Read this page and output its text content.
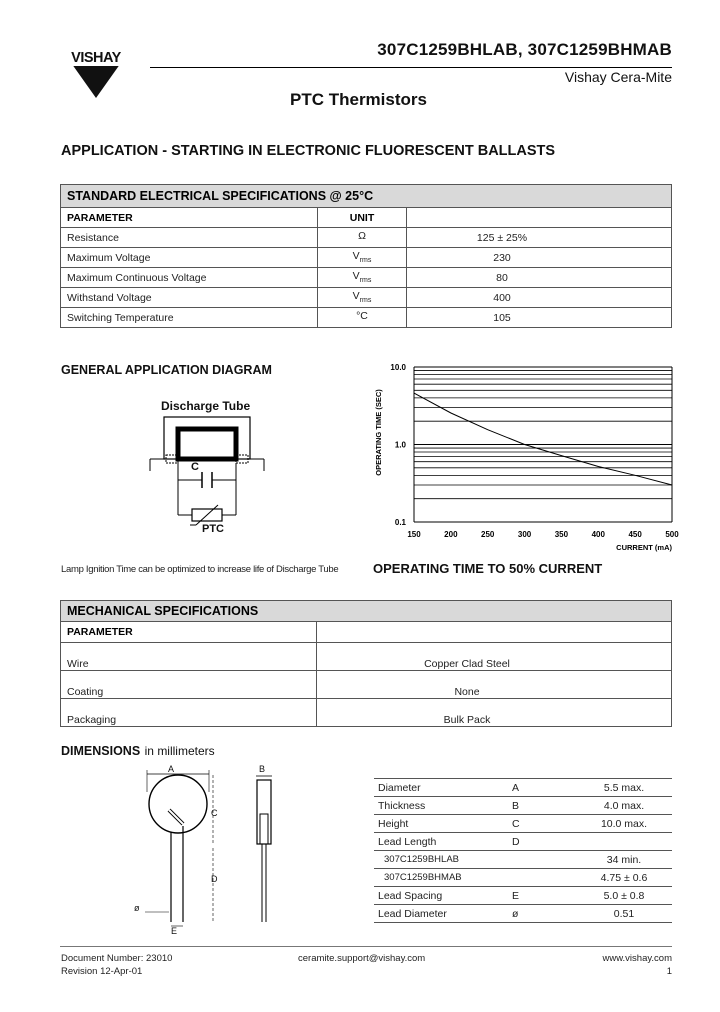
VISHAY	307C1259BHLAB, 307C1259BHMAB
Vishay Cera-Mite
PTC Thermistors
APPLICATION - STARTING IN ELECTRONIC FLUORESCENT BALLASTS
STANDARD ELECTRICAL SPECIFICATIONS @ 25°C		
PARAMETER	UNIT	
Resistance	Ω	125 ± 25%
Maximum Voltage	$V_{rms}$	230
Maximum Continuous Voltage	$V_{rms}$	80
Withstand Voltage	$V_{rms}$	400
Switching Temperature	°C	105
GENERAL APPLICATION DIAGRAM
Discharge Tube
C
PTC
Lamp Ignition Time can be optimized to increase life of Discharge Tube
150	200	250	300	350	400	450	500
10.0
1.0
0.1
CURRENT (mA)
OPERATING TIME (SEC)
OPERATING TIME TO 50% CURRENT
MECHANICAL SPECIFICATIONS	
PARAMETER	
Wire	Copper Clad Steel
Coating	None
Packaging	Bulk Pack
DIMENSIONS in millimeters
A	B
C
D
ø
E
Diameter	A	5.5 max.
Thickness	B	4.0 max.
Height	C	10.0 max.
Lead Length	D	
307C1259BHLAB		34 min.
307C1259BHMAB		4.75 ± 0.6
Lead Spacing	E	5.0 ± 0.8
Lead Diameter	ø	0.51
Document Number: 23010
Revision 12-Apr-01
ceramite.support@vishay.com	www.vishay.com
1
